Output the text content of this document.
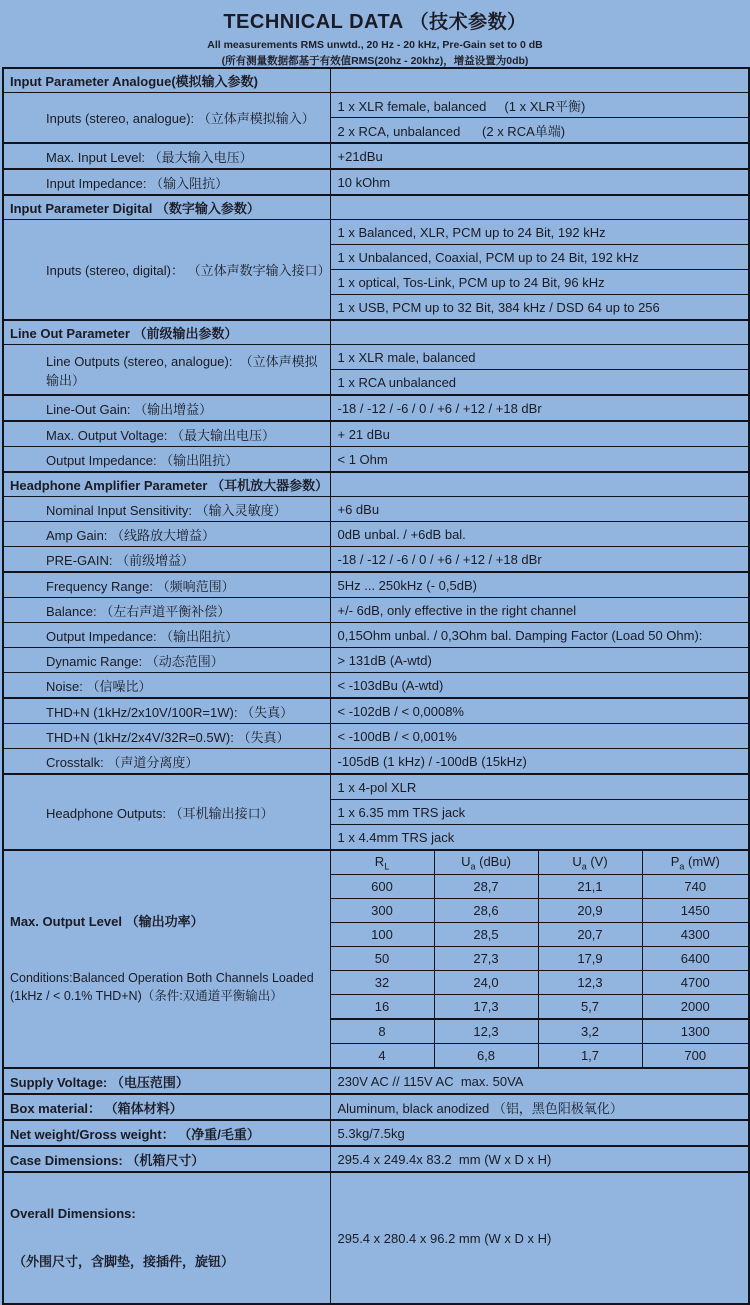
TECHNICAL DATA （技术参数）
All measurements RMS unwtd., 20 Hz - 20 kHz, Pre-Gain set to 0 dB
(所有测量数据都基于有效值RMS(20hz - 20khz)，增益设置为0db)
Input Parameter Analogue(模拟输入参数)				
Inputs (stereo, analogue): （立体声模拟输入）	1 x XLR female, balanced     (1 x XLR平衡)			
	2 x RCA, unbalanced      (2 x RCA单端)			
Max. Input Level: （最大输入电压）	+21dBu			
Input Impedance: （输入阻抗）	10 kOhm			
Input Parameter Digital （数字输入参数）				
Inputs (stereo, digital)： （立体声数字输入接口）	1 x Balanced, XLR, PCM up to 24 Bit, 192 kHz			
	1 x Unbalanced, Coaxial, PCM up to 24 Bit, 192 kHz			
	1 x optical, Tos-Link, PCM up to 24 Bit, 96 kHz			
	1 x USB, PCM up to 32 Bit, 384 kHz / DSD 64 up to 256			
Line Out Parameter （前级输出参数）				
Line Outputs (stereo, analogue):  （立体声模拟输出）	1 x XLR male, balanced			
	1 x RCA unbalanced			
Line-Out Gain: （输出增益）	-18 / -12 / -6 / 0 / +6 / +12 / +18 dBr			
Max. Output Voltage: （最大输出电压）	+ 21 dBu			
Output Impedance: （输出阻抗）	< 1 Ohm			
Headphone Amplifier Parameter （耳机放大器参数）				
Nominal Input Sensitivity: （输入灵敏度）	+6 dBu			
Amp Gain: （线路放大增益）	0dB unbal. / +6dB bal.			
PRE-GAIN: （前级增益）	-18 / -12 / -6 / 0 / +6 / +12 / +18 dBr			
Frequency Range: （频响范围）	5Hz ... 250kHz (- 0,5dB)			
Balance: （左右声道平衡补偿）	+/- 6dB, only effective in the right channel			
Output Impedance: （输出阻抗）	0,15Ohm unbal. / 0,3Ohm bal. Damping Factor (Load 50 Ohm):			
Dynamic Range: （动态范围）	> 131dB (A-wtd)			
Noise: （信噪比）	< -103dBu (A-wtd)			
THD+N (1kHz/2x10V/100R=1W): （失真）	< -102dB / < 0,0008%			
THD+N (1kHz/2x4V/32R=0.5W): （失真）	< -100dB / < 0,001%			
Crosstalk: （声道分离度）	-105dB (1 kHz) / -100dB (15kHz)			
Headphone Outputs: （耳机输出接口）	1 x 4-pol XLR			
	1 x 6.35 mm TRS jack			
	1 x 4.4mm TRS jack			

Max. Output Level （输出功率）

Conditions:Balanced Operation Both Channels Loaded (1kHz / < 0.1% THD+N)（条件:双通道平衡输出）	$R_L$	$U_a$ (dBu)	$U_a$ (V)	$P_a$ (mW)
	600	28,7	21,1	740
	300	28,6	20,9	1450
	100	28,5	20,7	4300
	50	27,3	17,9	6400
	32	24,0	12,3	4700
	16	17,3	5,7	2000
	8	12,3	3,2	1300
	4	6,8	1,7	700
Supply Voltage: （电压范围）	230V AC // 115V AC  max. 50VA			
Box material： （箱体材料）	Aluminum, black anodized （铝，黑色阳极氧化）			
Net weight/Gross weight： （净重/毛重）	5.3kg/7.5kg			
Case Dimensions: （机箱尺寸）	295.4 x 249.4x 83.2  mm (W x D x H)			

Overall Dimensions:

（外围尺寸，含脚垫，接插件，旋钮）	295.4 x 280.4 x 96.2 mm (W x D x H)			
